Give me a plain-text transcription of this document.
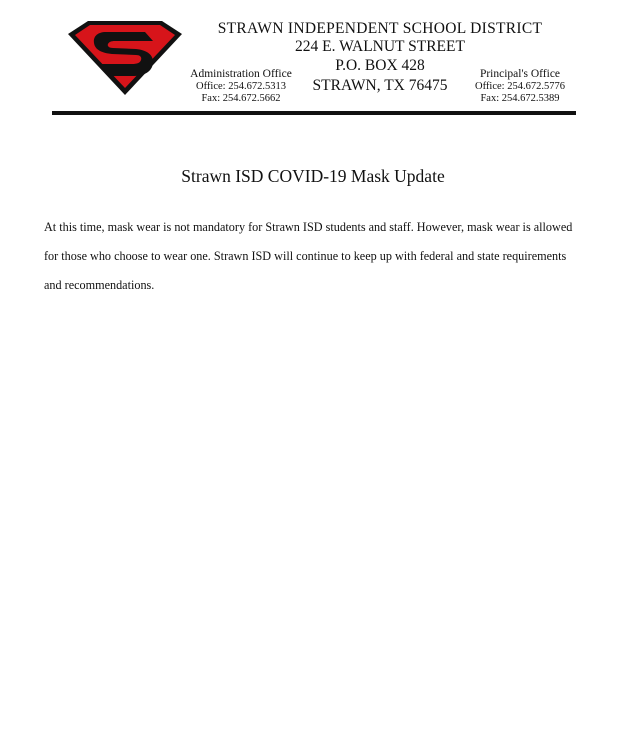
STRAWN INDEPENDENT SCHOOL DISTRICT
224 E. WALNUT STREET
P.O. BOX 428
STRAWN, TX 76475
Administration Office
Office: 254.672.5313
Fax: 254.672.5662
Principal's Office
Office: 254.672.5776
Fax: 254.672.5389
Strawn ISD COVID-19 Mask Update
At this time, mask wear is not mandatory for Strawn ISD students and staff. However, mask wear is allowed
for those who choose to wear one. Strawn ISD will continue to keep up with federal and state requirements
and recommendations.
